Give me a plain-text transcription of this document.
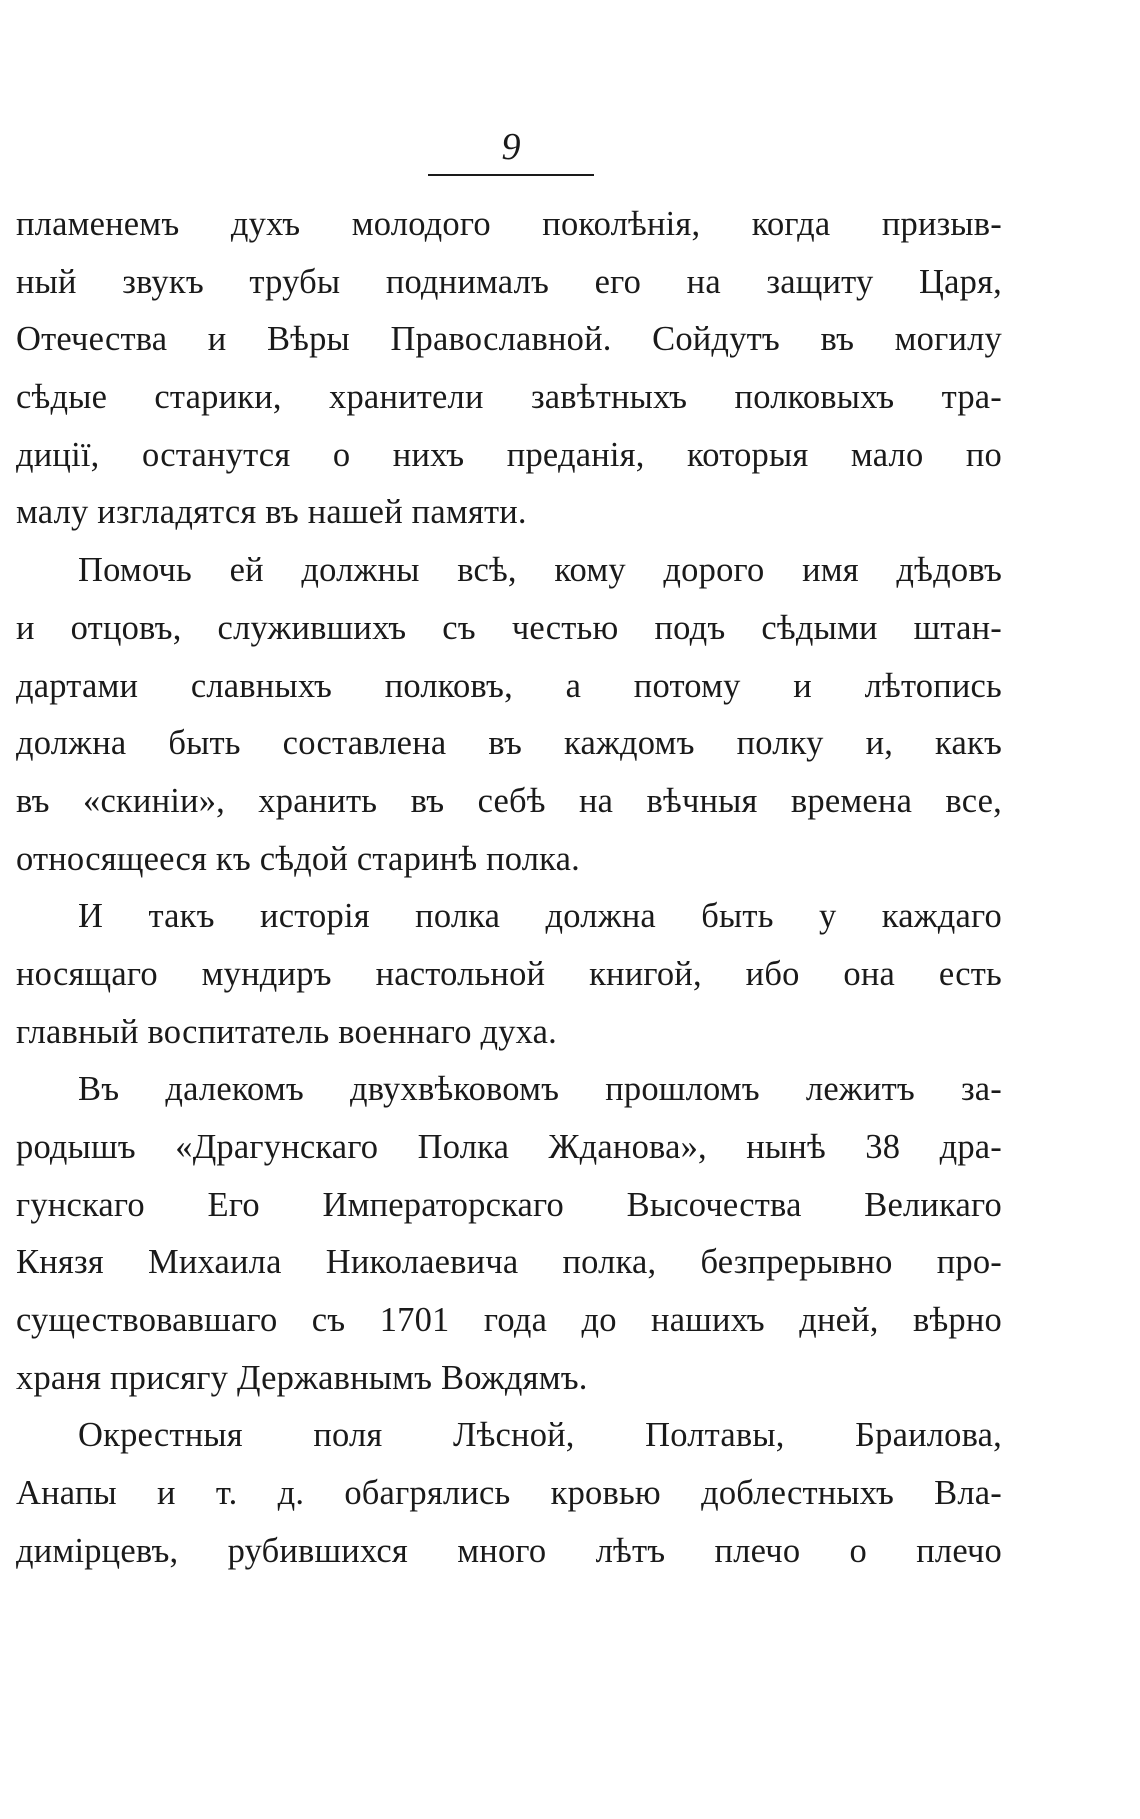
9
пламенемъ духъ молодого поколѣнія, когда призыв-
ный звукъ трубы поднималъ его на защиту Царя,
Отечества и Вѣры Православной. Сойдутъ въ могилу
сѣдые старики, хранители завѣтныхъ полковыхъ тра-
диції, останутся о нихъ преданія, которыя мало по
малу изгладятся въ нашей памяти.
Помочь ей должны всѣ, кому дорого имя дѣдовъ
и отцовъ, служившихъ съ честью подъ сѣдыми штан-
дартами славныхъ полковъ, а потому и лѣтопись
должна быть составлена въ каждомъ полку и, какъ
въ «скиніи», хранить въ себѣ на вѣчныя времена все,
относящееся къ сѣдой старинѣ полка.
И такъ исторія полка должна быть у каждаго
носящаго мундиръ настольной книгой, ибо она есть
главный воспитатель военнаго духа.
Въ далекомъ двухвѣковомъ прошломъ лежитъ за-
родышъ «Драгунскаго Полка Жданова», нынѣ 38 дра-
гунскаго Его Императорскаго Высочества Великаго
Князя Михаила Николаевича полка, безпрерывно про-
существовавшаго съ 1701 года до нашихъ дней, вѣрно
храня присягу Державнымъ Вождямъ.
Окрестныя поля Лѣсной, Полтавы, Браилова,
Анапы и т. д. обагрялись кровью доблестныхъ Вла-
димірцевъ, рубившихся много лѣтъ плечо о плечо
